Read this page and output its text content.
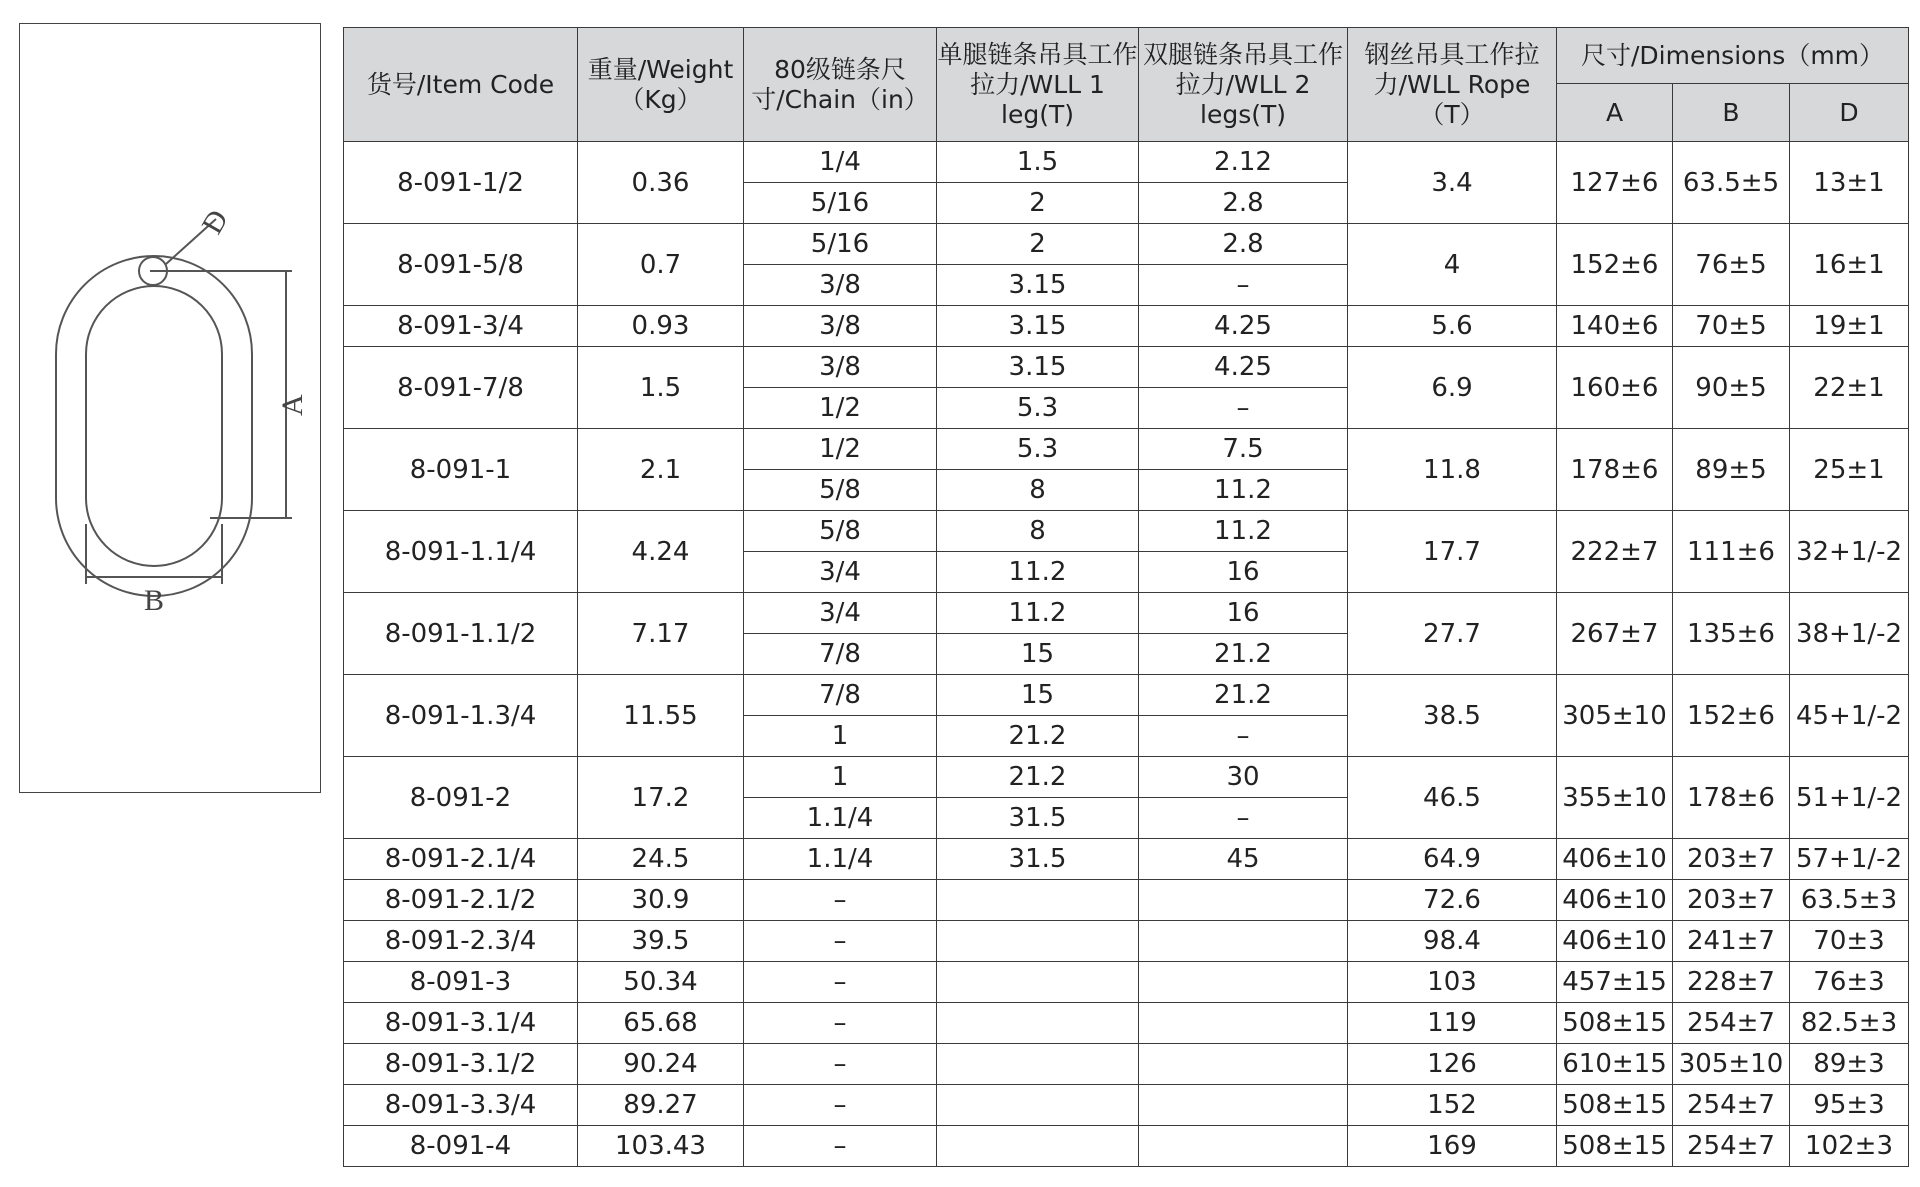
D
A
B
货号/Item Code	重量/Weight（Kg）	80级链条尺寸/Chain（in）	单腿链条吊具工作拉力/WLL 1 leg(T)	双腿链条吊具工作拉力/WLL 2 legs(T)	钢丝吊具工作拉力/WLL Rope（T）	尺寸/Dimensions（mm）		
						A	B	D
8-091-1/2	0.36	1/4	1.5	2.12	3.4	127±6	63.5±5	13±1
		5/16	2	2.8				
8-091-5/8	0.7	5/16	2	2.8	4	152±6	76±5	16±1
		3/8	3.15	–				
8-091-3/4	0.93	3/8	3.15	4.25	5.6	140±6	70±5	19±1
8-091-7/8	1.5	3/8	3.15	4.25	6.9	160±6	90±5	22±1
		1/2	5.3	–				
8-091-1	2.1	1/2	5.3	7.5	11.8	178±6	89±5	25±1
		5/8	8	11.2				
8-091-1.1/4	4.24	5/8	8	11.2	17.7	222±7	111±6	32+1/-2
		3/4	11.2	16				
8-091-1.1/2	7.17	3/4	11.2	16	27.7	267±7	135±6	38+1/-2
		7/8	15	21.2				
8-091-1.3/4	11.55	7/8	15	21.2	38.5	305±10	152±6	45+1/-2
		1	21.2	–				
8-091-2	17.2	1	21.2	30	46.5	355±10	178±6	51+1/-2
		1.1/4	31.5	–				
8-091-2.1/4	24.5	1.1/4	31.5	45	64.9	406±10	203±7	57+1/-2
8-091-2.1/2	30.9	–			72.6	406±10	203±7	63.5±3
8-091-2.3/4	39.5	–			98.4	406±10	241±7	70±3
8-091-3	50.34	–			103	457±15	228±7	76±3
8-091-3.1/4	65.68	–			119	508±15	254±7	82.5±3
8-091-3.1/2	90.24	–			126	610±15	305±10	89±3
8-091-3.3/4	89.27	–			152	508±15	254±7	95±3
8-091-4	103.43	–			169	508±15	254±7	102±3
